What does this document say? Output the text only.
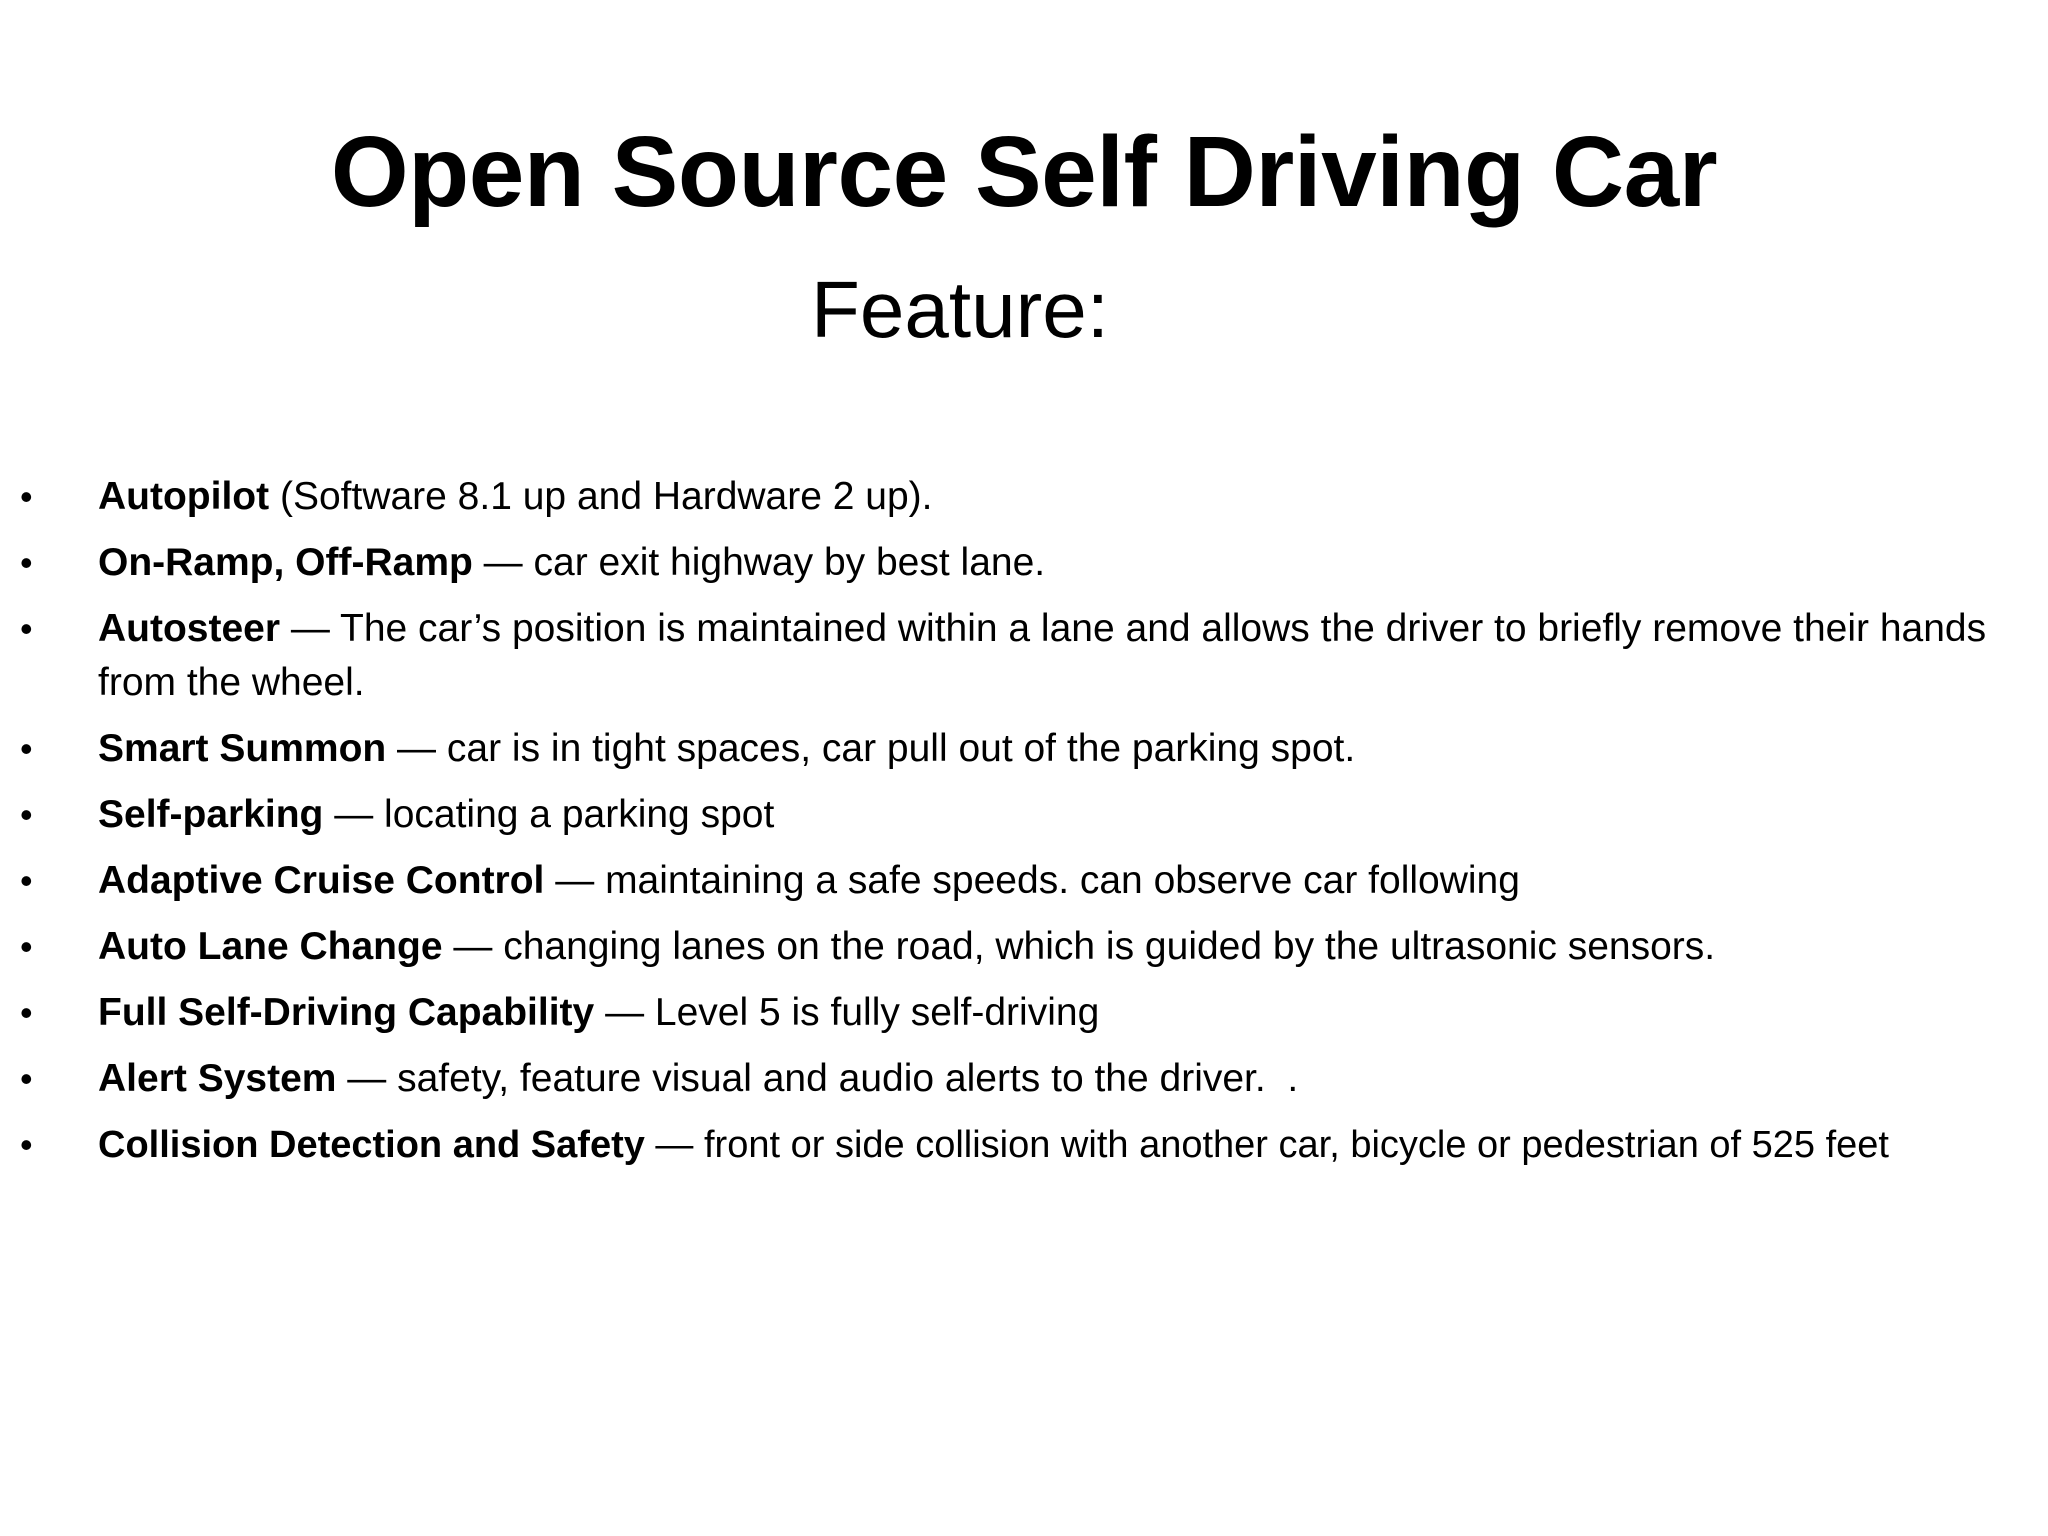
Open Source Self Driving Car
Feature:
• Autopilot (Software 8.1 up and Hardware 2 up).
• On-Ramp, Off-Ramp — car exit highway by best lane.
• Autosteer — The car’s position is maintained within a lane and allows the driver to briefly remove their hands from the wheel.
• Smart Summon — car is in tight spaces, car pull out of the parking spot.
• Self-parking — locating a parking spot
• Adaptive Cruise Control — maintaining a safe speeds. can observe car following
• Auto Lane Change — changing lanes on the road, which is guided by the ultrasonic sensors.
• Full Self-Driving Capability — Level 5 is fully self-driving
• Alert System — safety, feature visual and audio alerts to the driver.  .
• Collision Detection and Safety — front or side collision with another car, bicycle or pedestrian of 525 feet
